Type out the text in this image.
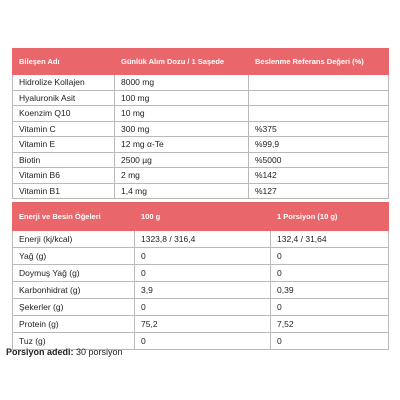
Bileşen Adı	Günlük Alım Dozu / 1 Saşede	Beslenme Referans Değeri (%)
Hidrolize Kollajen	8000 mg	
Hyaluronik Asit	100 mg	
Koenzim Q10	10 mg	
Vitamin C	300 mg	%375
Vitamin E	12 mg α-Te	%99,9
Biotin	2500 µg	%5000
Vitamin B6	2 mg	%142
Vitamin B1	1,4 mg	%127
Enerji ve Besin Öğeleri	100 g	1 Porsiyon (10 g)
Enerji (kj/kcal)	1323,8 / 316,4	132,4 / 31,64
Yağ (g)	0	0
Doymuş Yağ (g)	0	0
Karbonhidrat (g)	3,9	0,39
Şekerler (g)	0	0
Protein (g)	75,2	7,52
Tuz (g)	0	0
Porsiyon adedi: 30 porsiyon
